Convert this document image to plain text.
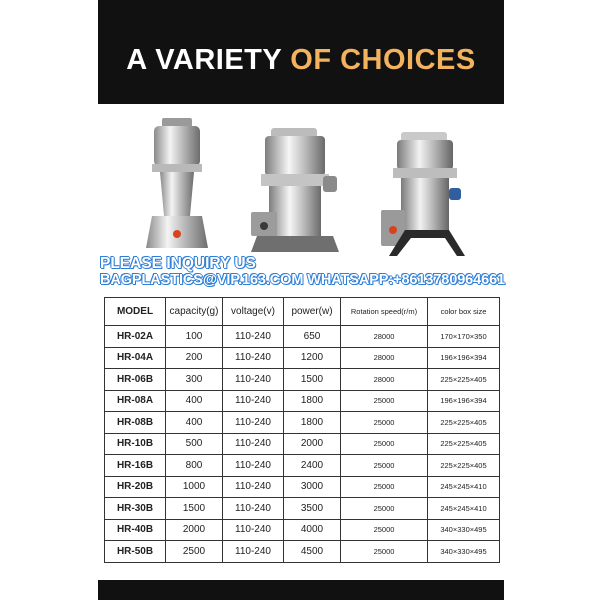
A VARIETY OF CHOICES
PLEASE INQUIRY US
BAGPLASTICS@VIP.163.COM WHATSAPP:+8613780964661
MODEL	capacity(g)	voltage(v)	power(w)	Rotation speed(r/m)	color box size
HR-02A	100	110-240	650	28000	170×170×350
HR-04A	200	110-240	1200	28000	196×196×394
HR-06B	300	110-240	1500	28000	225×225×405
HR-08A	400	110-240	1800	25000	196×196×394
HR-08B	400	110-240	1800	25000	225×225×405
HR-10B	500	110-240	2000	25000	225×225×405
HR-16B	800	110-240	2400	25000	225×225×405
HR-20B	1000	110-240	3000	25000	245×245×410
HR-30B	1500	110-240	3500	25000	245×245×410
HR-40B	2000	110-240	4000	25000	340×330×495
HR-50B	2500	110-240	4500	25000	340×330×495
